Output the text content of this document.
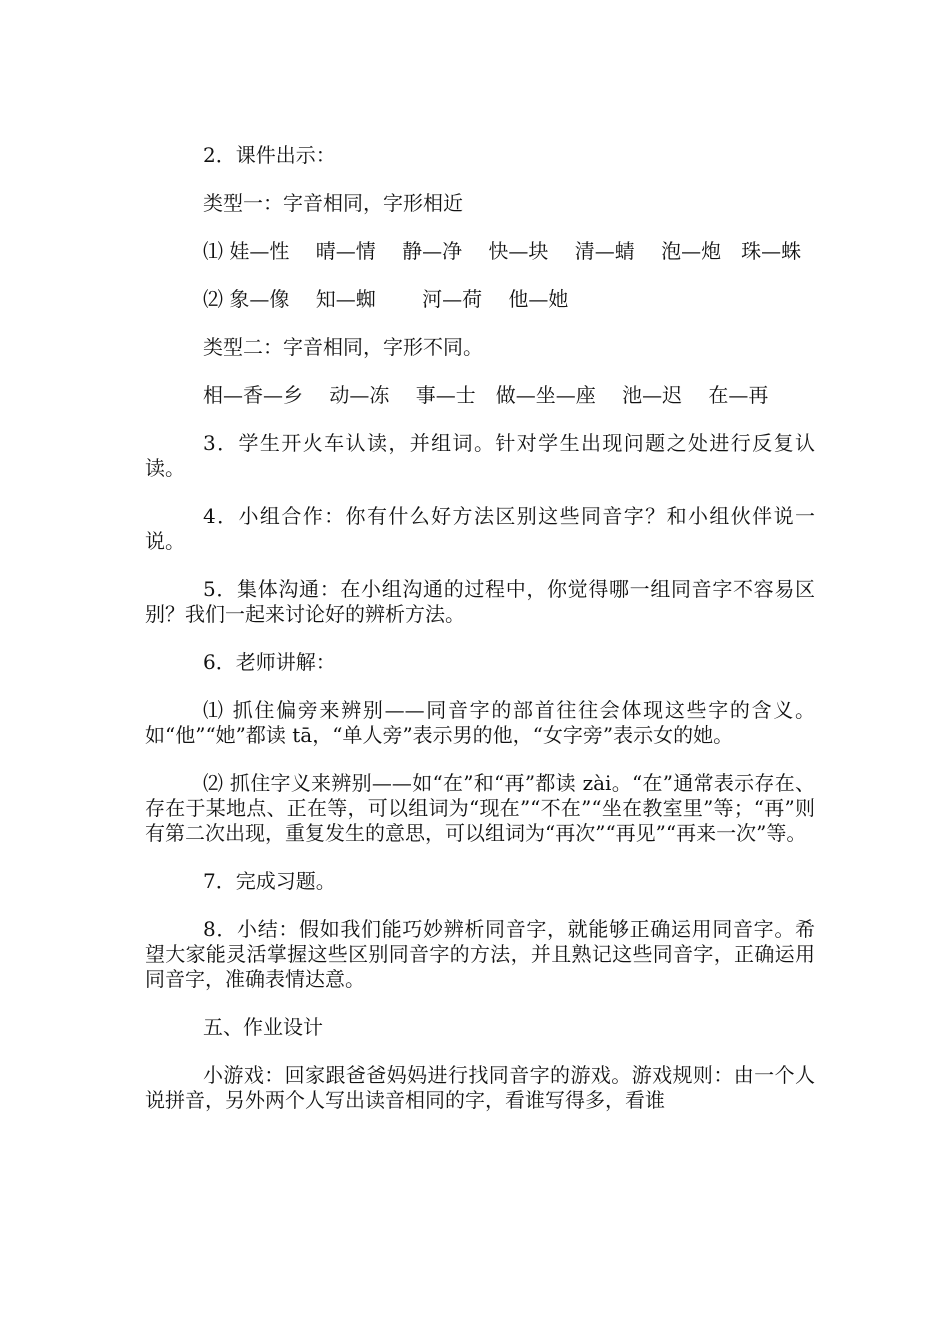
2．课件出示：

类型一：字音相同，字形相近

⑴ 娃—性　 晴—情　 静—净　 快—块　 清—蜻　 泡—炮　珠—蛛

⑵ 象—像　 知—蜘　　 河—荷　 他—她

类型二：字音相同，字形不同。

相—香—乡　 动—冻　 事—士　做—坐—座　 池—迟　 在—再

3．学生开火车认读，并组词。针对学生出现问题之处进行反复认读。

4．小组合作：你有什么好方法区别这些同音字？和小组伙伴说一说。

5．集体沟通：在小组沟通的过程中，你觉得哪一组同音字不容易区别？我们一起来讨论好的辨析方法。

6．老师讲解：

⑴ 抓住偏旁来辨别——同音字的部首往往会体现这些字的含义。如“他”“她”都读 tā，“单人旁”表示男的他，“女字旁”表示女的她。

⑵ 抓住字义来辨别——如“在”和“再”都读 zài。“在”通常表示存在、存在于某地点、正在等，可以组词为“现在”“不在”“坐在教室里”等；“再”则有第二次出现，重复发生的意思，可以组词为“再次”“再见”“再来一次”等。

7．完成习题。

8．小结：假如我们能巧妙辨析同音字，就能够正确运用同音字。希望大家能灵活掌握这些区别同音字的方法，并且熟记这些同音字，正确运用同音字，准确表情达意。

五、作业设计

小游戏：回家跟爸爸妈妈进行找同音字的游戏。游戏规则：由一个人说拼音，另外两个人写出读音相同的字，看谁写得多，看谁
